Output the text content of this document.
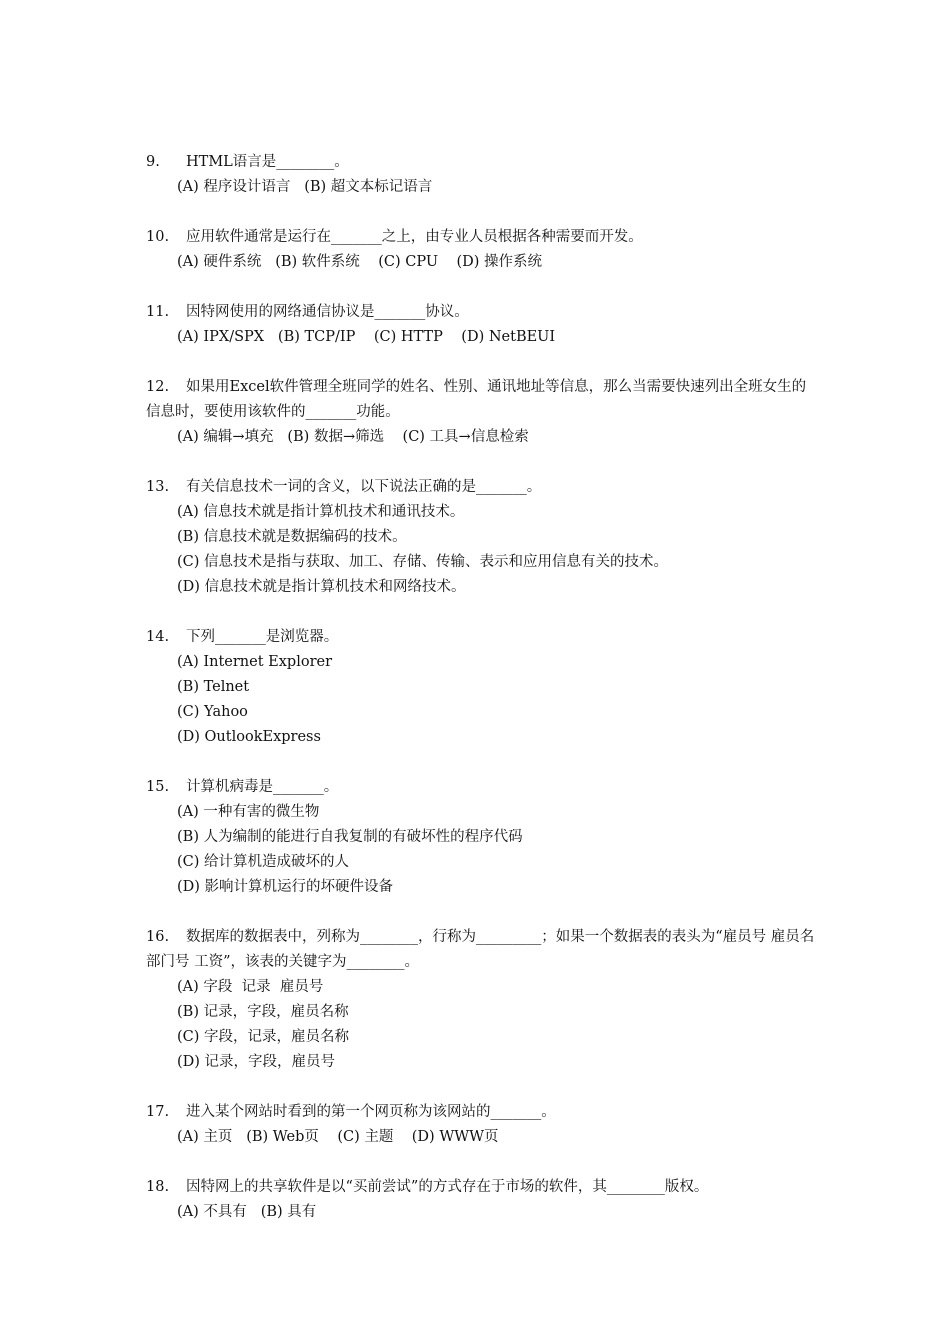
9. HTML语言是________。
(A) 程序设计语言   (B) 超文本标记语言
10. 应用软件通常是运行在_______之上，由专业人员根据各种需要而开发。
(A) 硬件系统   (B) 软件系统    (C) CPU    (D) 操作系统
11. 因特网使用的网络通信协议是_______协议。
(A) IPX/SPX   (B) TCP/IP    (C) HTTP    (D) NetBEUI
12. 如果用Excel软件管理全班同学的姓名、性别、通讯地址等信息，那么当需要快速列出全班女生的信息时，要使用该软件的_______功能。
(A) 编辑→填充   (B) 数据→筛选    (C) 工具→信息检索
13. 有关信息技术一词的含义，以下说法正确的是_______。
(A) 信息技术就是指计算机技术和通讯技术。
(B) 信息技术就是数据编码的技术。
(C) 信息技术是指与获取、加工、存储、传输、表示和应用信息有关的技术。
(D) 信息技术就是指计算机技术和网络技术。
14. 下列_______是浏览器。
(A) Internet Explorer
(B) Telnet
(C) Yahoo
(D) OutlookExpress
15. 计算机病毒是_______。
(A) 一种有害的微生物
(B) 人为编制的能进行自我复制的有破坏性的程序代码
(C) 给计算机造成破坏的人
(D) 影响计算机运行的坏硬件设备
16. 数据库的数据表中，列称为________，行称为_________；如果一个数据表的表头为“雇员号 雇员名 部门号 工资”，该表的关键字为________。
(A) 字段  记录  雇员号
(B) 记录，字段，雇员名称
(C) 字段，记录，雇员名称
(D) 记录，字段，雇员号
17. 进入某个网站时看到的第一个网页称为该网站的_______。
(A) 主页   (B) Web页    (C) 主题    (D) WWW页
18. 因特网上的共享软件是以“买前尝试”的方式存在于市场的软件，其________版权。
(A) 不具有   (B) 具有
